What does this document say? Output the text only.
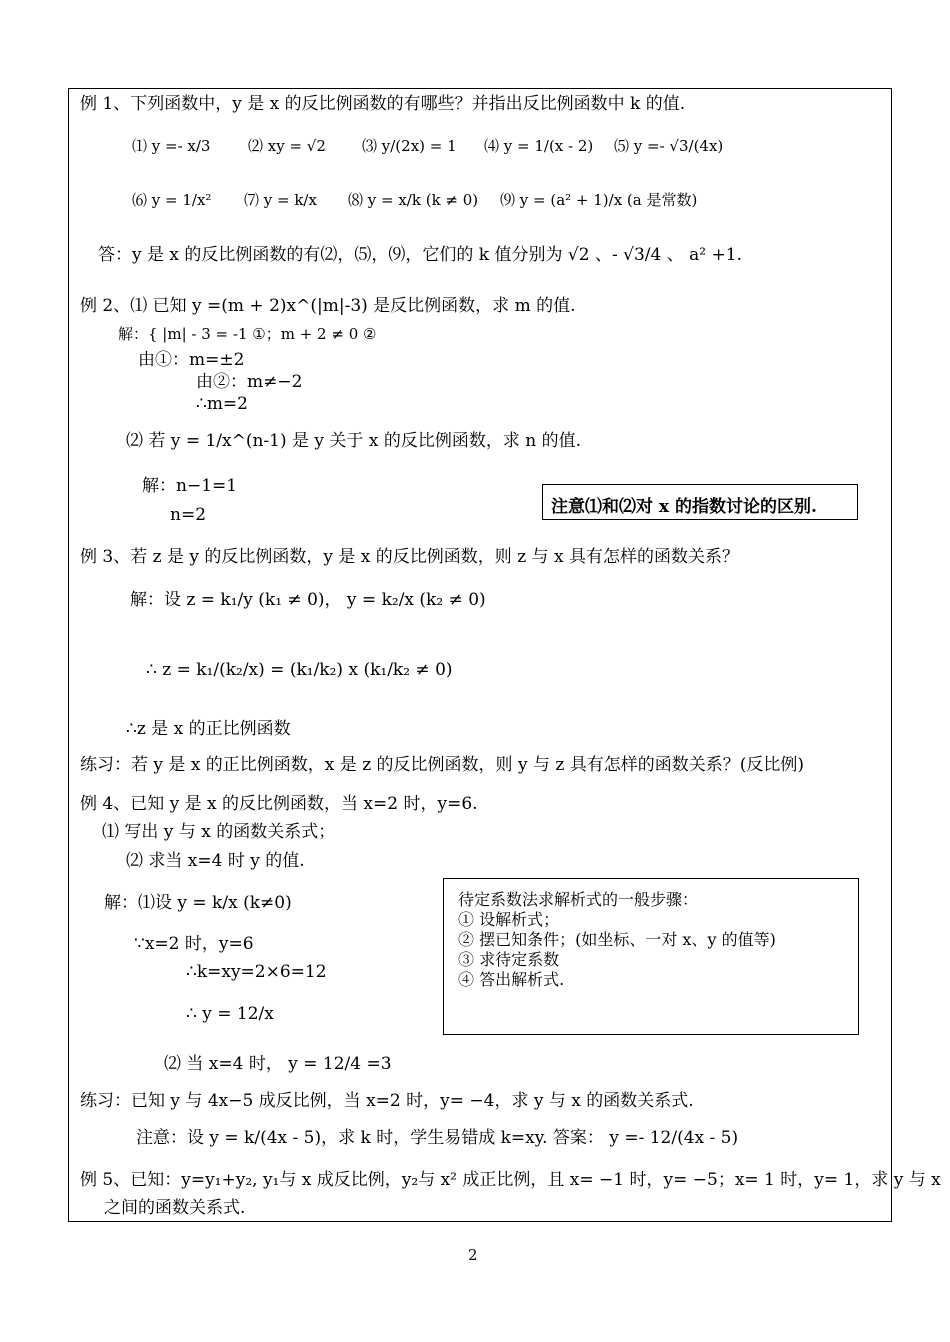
例 1、下列函数中，y 是 x 的反比例函数的有哪些？并指出反比例函数中 k 的值.
⑴ y =- x/3	⑵ xy = √2 ⑶ y/(2x) = 1 ⑷ y = 1/(x - 2) ⑸ y =- √3/(4x)
⑹ y = 1/x² ⑺ y = k/x ⑻ y = x/k (k ≠ 0) ⑼ y = (a² + 1)/x (a 是常数)
答：y 是 x 的反比例函数的有⑵，⑸，⑼，它们的 k 值分别为 √2 、- √3/4 、 a² +1.
例 2、⑴ 已知 y =(m + 2)x^(|m|-3) 是反比例函数，求 m 的值.
解：{ |m| - 3 = -1 ①；m + 2 ≠ 0 ②
由①：m=±2
由②：m≠−2
∴m=2
⑵ 若 y = 1/x^(n-1) 是 y 关于 x 的反比例函数，求 n 的值.
解：n−1=1
n=2	注意⑴和⑵对 x 的指数讨论的区别.
例 3、若 z 是 y 的反比例函数，y 是 x 的反比例函数，则 z 与 x 具有怎样的函数关系？
解：设 z = k₁/y (k₁ ≠ 0)， y = k₂/x (k₂ ≠ 0)
∴ z = k₁/(k₂/x) = (k₁/k₂) x (k₁/k₂ ≠ 0)
∴z 是 x 的正比例函数
练习：若 y 是 x 的正比例函数，x 是 z 的反比例函数，则 y 与 z 具有怎样的函数关系？(反比例)
例 4、已知 y 是 x 的反比例函数，当 x=2 时，y=6.
⑴ 写出 y 与 x 的函数关系式；
⑵ 求当 x=4 时 y 的值.
解：⑴设 y = k/x (k≠0)
∵x=2 时，y=6
∴k=xy=2×6=12
∴ y = 12/x
⑵ 当 x=4 时， y = 12/4 =3
待定系数法求解析式的一般步骤：
① 设解析式；
② 摆已知条件；(如坐标、一对 x、y 的值等)
③ 求待定系数
④ 答出解析式.
练习：已知 y 与 4x−5 成反比例，当 x=2 时，y= −4，求 y 与 x 的函数关系式.
注意：设 y = k/(4x - 5)，求 k 时，学生易错成 k=xy. 答案： y =- 12/(4x - 5)
例 5、已知：y=y₁+y₂, y₁与 x 成反比例，y₂与 x² 成正比例，且 x= −1 时，y= −5；x= 1 时，y= 1，求 y 与 x
之间的函数关系式.
2
